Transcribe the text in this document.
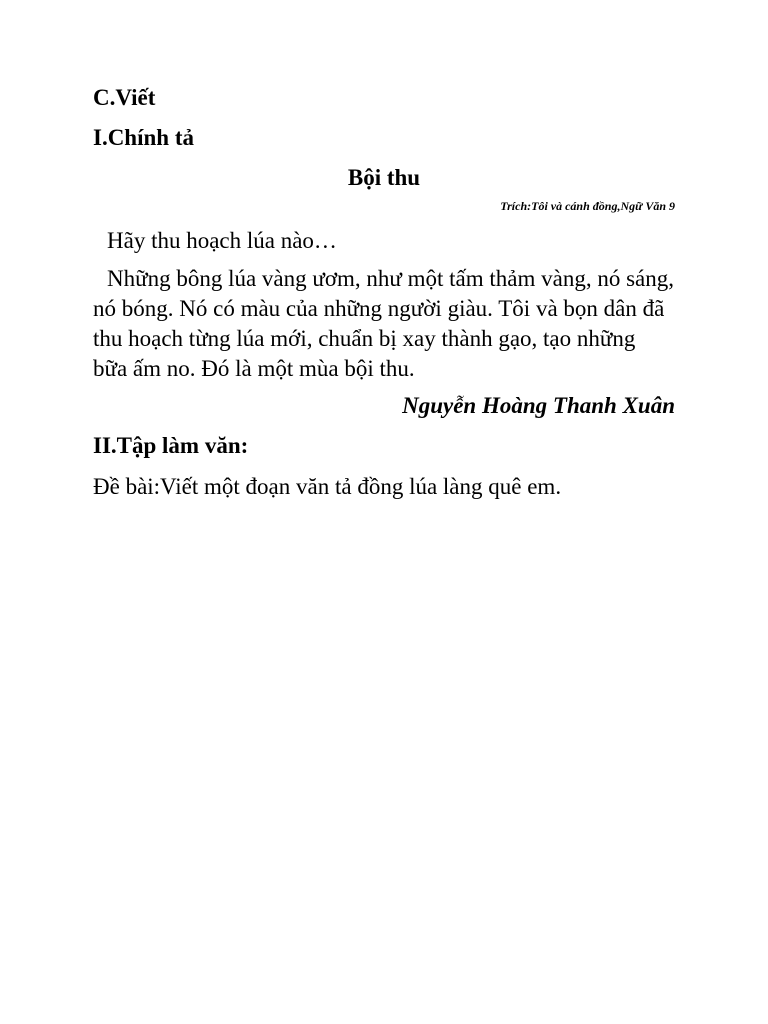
C.Viết
I.Chính tả
Bội thu
Trích:Tôi và cánh đồng,Ngữ Văn 9

Hãy thu hoạch lúa nào…

Những bông lúa vàng ươm, như một tấm thảm vàng, nó sáng, nó bóng. Nó có màu của những người giàu. Tôi và bọn dân đã thu hoạch từng lúa mới, chuẩn bị xay thành gạo, tạo những bữa ấm no. Đó là một mùa bội thu.

Nguyễn Hoàng Thanh Xuân
II.Tập làm văn:

Đề bài:Viết một đoạn văn tả đồng lúa làng quê em.
